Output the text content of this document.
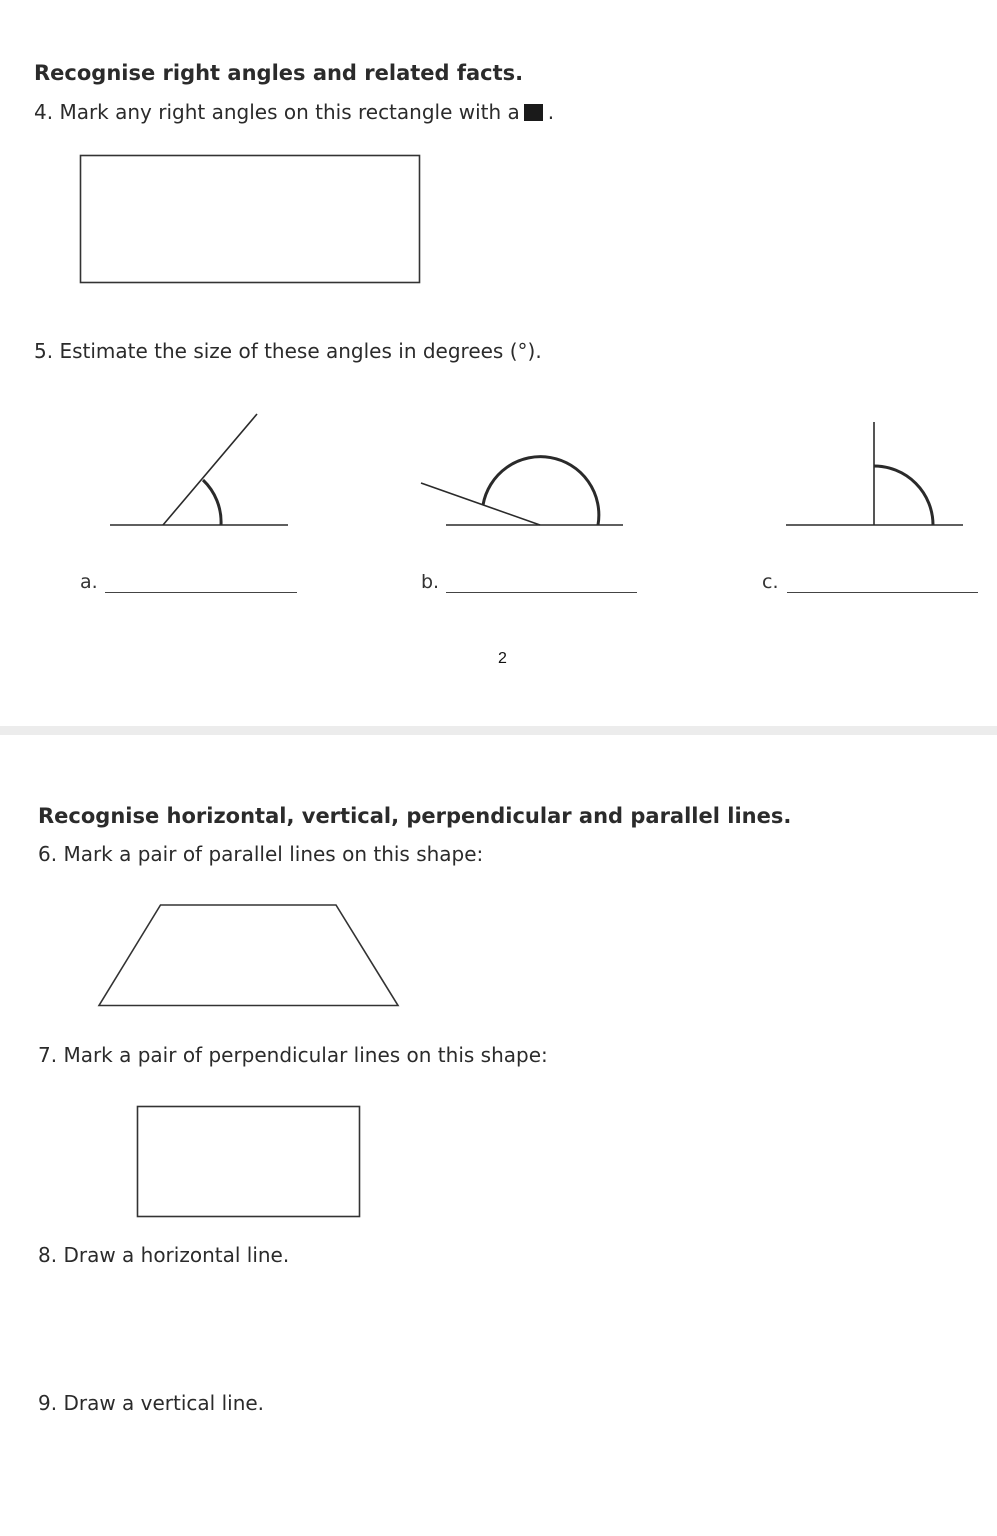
Recognise right angles and related facts.
4. Mark any right angles on this rectangle with a .
5. Estimate the size of these angles in degrees (°).
a.	b.	c.
2
Recognise horizontal, vertical, perpendicular and parallel lines.
6. Mark a pair of parallel lines on this shape:
7. Mark a pair of perpendicular lines on this shape:
8. Draw a horizontal line.
9. Draw a vertical line.
